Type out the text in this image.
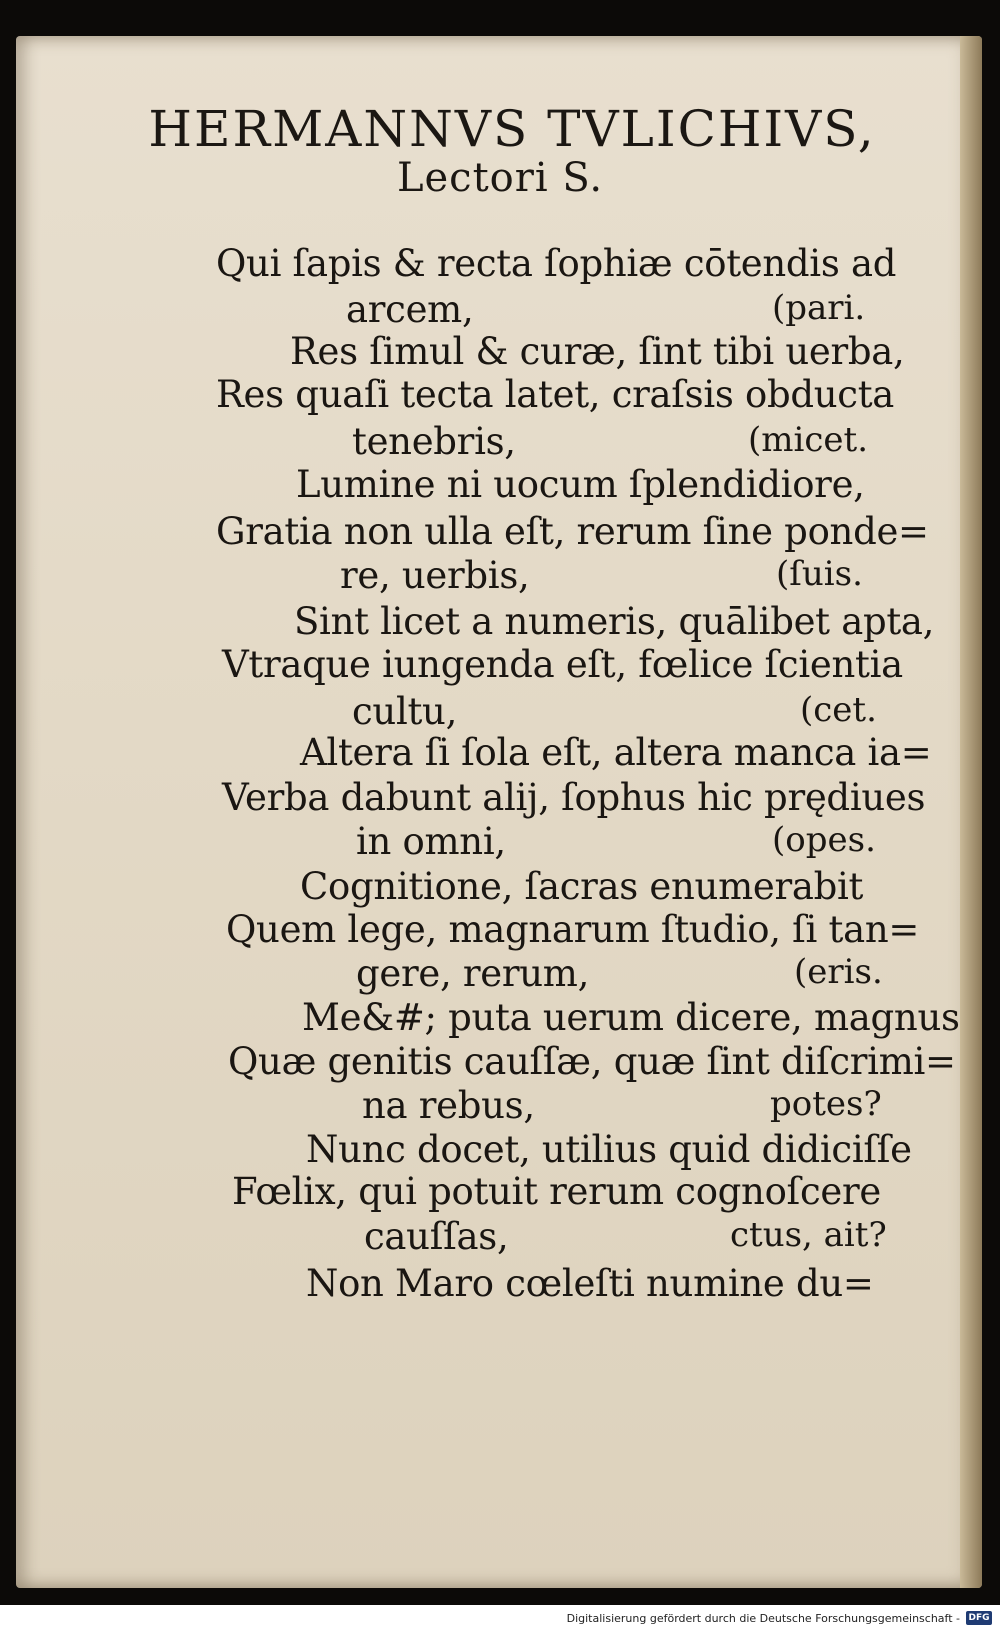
HERMANNVS TVLICHIVS,
Lectori S.
Qui ſapis & recta ſophiæ cōtendis ad
arcem,
Res ſimul & curæ, ſint tibi uerba,
Res quaſi tecta latet, craſsis obducta
tenebris,
Lumine ni uocum ſplendidiore,
Gratia non ulla eſt, rerum ſine ponde=
re, uerbis,
Sint licet a numeris, quālibet apta,
Vtraque iungenda eſt, fœlice ſcientia
cultu,
Altera ſi ſola eſt, altera manca ia=
Verba dabunt alij, ſophus hic prędiues
in omni,
Cognitione, ſacras enumerabit
Quem lege, magnarum ſtudio, ſi tan=
gere, rerum,
Me&#; puta uerum dicere, magnus
Quæ genitis cauſſæ, quæ ſint diſcrimi=
na rebus,
Nunc docet, utilius quid didiciſſe
Fœlix, qui potuit rerum cognoſcere
cauſſas,
Non Maro cœleſti numine du=
(pari.
(micet.
(ſuis.
(cet.
(opes.
(eris.
potes?
ctus, ait?
Digitalisierung gefördert durch die Deutsche Forschungsgemeinschaft - DFG
